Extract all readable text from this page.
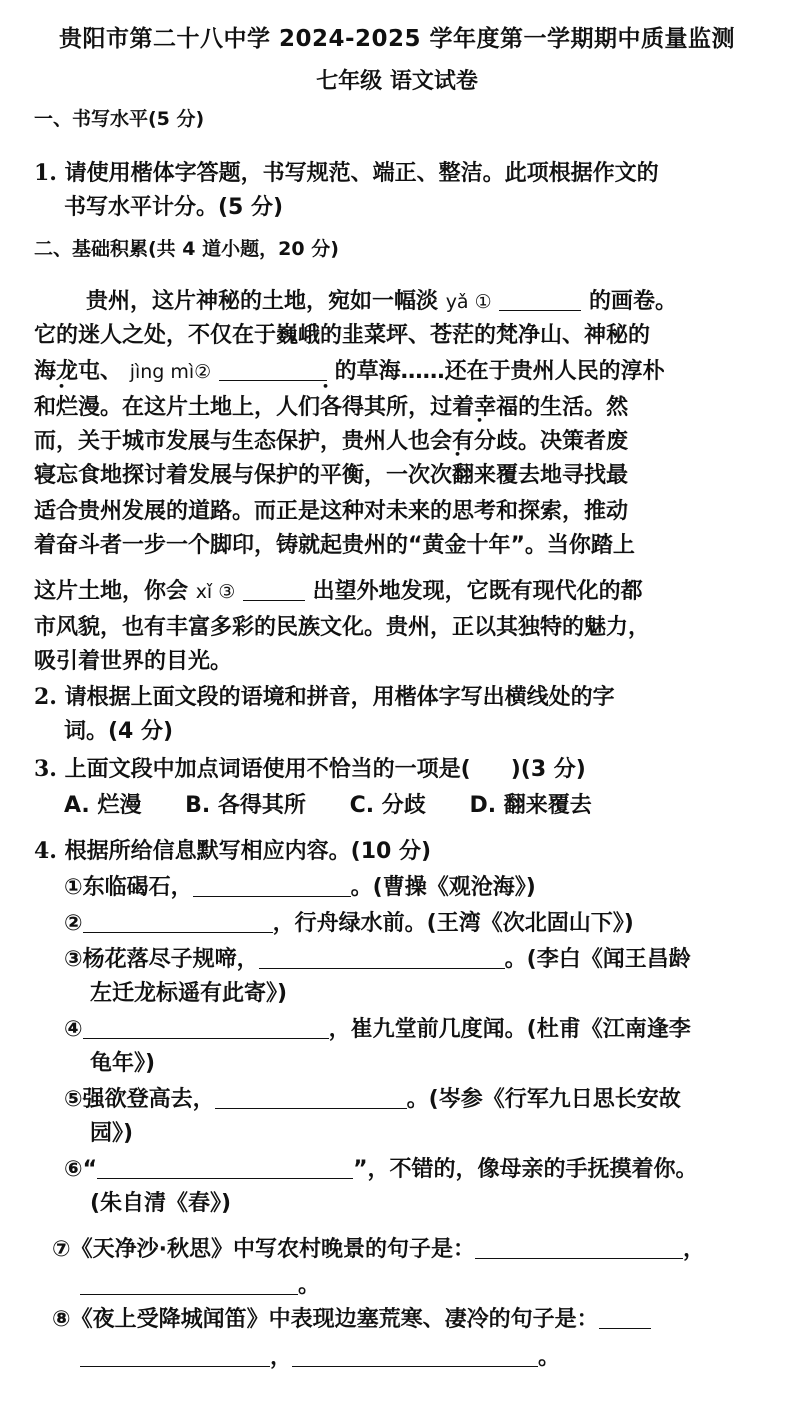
贵阳市第二十八中学 2024-2025 学年度第一学期期中质量监测
七年级 语文试卷
一、书写水平(5 分)
1. 请使用楷体字答题，书写规范、端正、整洁。此项根据作文的
书写水平计分。(5 分)
二、基础积累(共 4 道小题，20 分)
贵州，这片神秘的土地，宛如一幅淡 yǎ ①	的画卷。
它的迷人之处，不仅在于巍峨的韭菜坪、苍茫的梵净山、神秘的
海龙屯、 jìng mì②	的草海……还在于贵州人民的淳朴
和烂漫。在这片土地上，人们各得其所，过着幸福的生活。然
而，关于城市发展与生态保护，贵州人也会有分歧。决策者废
寝忘食地探讨着发展与保护的平衡，一次次翻来覆去地寻找最
适合贵州发展的道路。而正是这种对未来的思考和探索，推动
着奋斗者一步一个脚印，铸就起贵州的“黄金十年”。当你踏上
这片土地，你会 xǐ ③	出望外地发现，它既有现代化的都
市风貌，也有丰富多彩的民族文化。贵州，正以其独特的魅力，
吸引着世界的目光。
2. 请根据上面文段的语境和拼音，用楷体字写出横线处的字
词。(4 分)
3. 上面文段中加点词语使用不恰当的一项是( )(3 分)
A. 烂漫 B. 各得其所 C. 分歧 D. 翻来覆去
4. 根据所给信息默写相应内容。(10 分)
①东临碣石，	。(曹操《观沧海》)
②	，行舟绿水前。(王湾《次北固山下》)
③杨花落尽子规啼，	。(李白《闻王昌龄
左迁龙标遥有此寄》)
④	，崔九堂前几度闻。(杜甫《江南逢李
龟年》)
⑤强欲登高去，	。(岑参《行军九日思长安故
园》)
⑥“	”，不错的，像母亲的手抚摸着你。
(朱自清《春》)
⑦《天净沙·秋思》中写农村晚景的句子是：	，
。
⑧《夜上受降城闻笛》中表现边塞荒寒、凄冷的句子是：
，	。
